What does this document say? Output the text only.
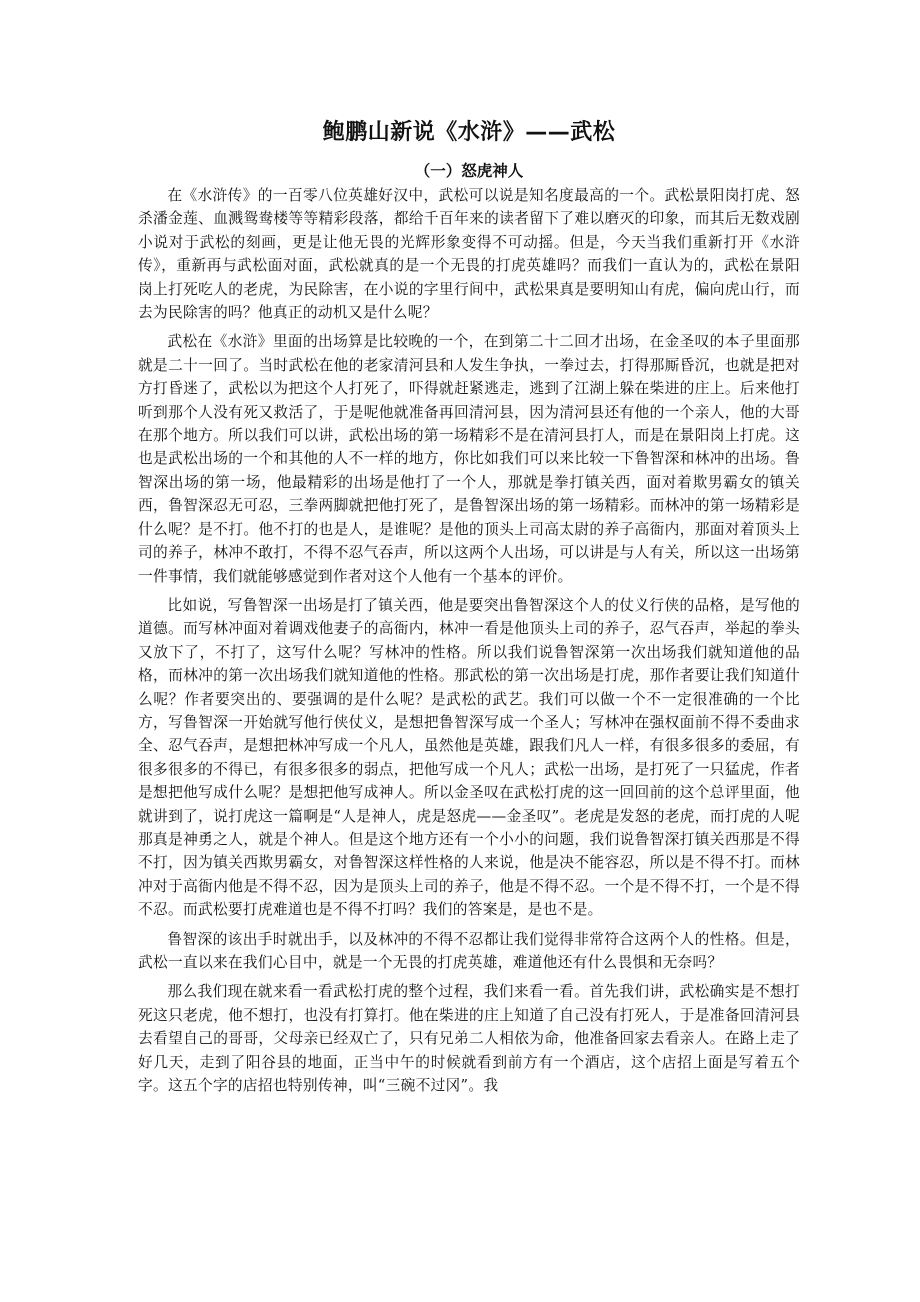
鲍鹏山新说《水浒》——武松
（一）怒虎神人

在《水浒传》的一百零八位英雄好汉中，武松可以说是知名度最高的一个。武松景阳岗打虎、怒杀潘金莲、血溅鸳鸯楼等等精彩段落，都给千百年来的读者留下了难以磨灭的印象，而其后无数戏剧小说对于武松的刻画，更是让他无畏的光辉形象变得不可动摇。但是，今天当我们重新打开《水浒传》，重新再与武松面对面，武松就真的是一个无畏的打虎英雄吗？而我们一直认为的，武松在景阳岗上打死吃人的老虎，为民除害，在小说的字里行间中，武松果真是要明知山有虎，偏向虎山行，而去为民除害的吗？他真正的动机又是什么呢？

武松在《水浒》里面的出场算是比较晚的一个，在到第二十二回才出场，在金圣叹的本子里面那就是二十一回了。当时武松在他的老家清河县和人发生争执，一拳过去，打得那厮昏沉，也就是把对方打昏迷了，武松以为把这个人打死了，吓得就赶紧逃走，逃到了江湖上躲在柴进的庄上。后来他打听到那个人没有死又救活了，于是呢他就准备再回清河县，因为清河县还有他的一个亲人，他的大哥在那个地方。所以我们可以讲，武松出场的第一场精彩不是在清河县打人，而是在景阳岗上打虎。这也是武松出场的一个和其他的人不一样的地方，你比如我们可以来比较一下鲁智深和林冲的出场。鲁智深出场的第一场，他最精彩的出场是他打了一个人，那就是拳打镇关西，面对着欺男霸女的镇关西，鲁智深忍无可忍，三拳两脚就把他打死了，是鲁智深出场的第一场精彩。而林冲的第一场精彩是什么呢？是不打。他不打的也是人，是谁呢？是他的顶头上司高太尉的养子高衙内，那面对着顶头上司的养子，林冲不敢打，不得不忍气吞声，所以这两个人出场，可以讲是与人有关，所以这一出场第一件事情，我们就能够感觉到作者对这个人他有一个基本的评价。

比如说，写鲁智深一出场是打了镇关西，他是要突出鲁智深这个人的仗义行侠的品格，是写他的道德。而写林冲面对着调戏他妻子的高衙内，林冲一看是他顶头上司的养子，忍气吞声，举起的拳头又放下了，不打了，这写什么呢？写林冲的性格。所以我们说鲁智深第一次出场我们就知道他的品格，而林冲的第一次出场我们就知道他的性格。那武松的第一次出场是打虎，那作者要让我们知道什么呢？作者要突出的、要强调的是什么呢？是武松的武艺。我们可以做一个不一定很准确的一个比方，写鲁智深一开始就写他行侠仗义，是想把鲁智深写成一个圣人；写林冲在强权面前不得不委曲求全、忍气吞声，是想把林冲写成一个凡人，虽然他是英雄，跟我们凡人一样，有很多很多的委屈，有很多很多的不得已，有很多很多的弱点，把他写成一个凡人；武松一出场，是打死了一只猛虎，作者是想把他写成什么呢？是想把他写成神人。所以金圣叹在武松打虎的这一回回前的这个总评里面，他就讲到了，说打虎这一篇啊是“人是神人，虎是怒虎——金圣叹”。老虎是发怒的老虎，而打虎的人呢那真是神勇之人，就是个神人。但是这个地方还有一个小小的问题，我们说鲁智深打镇关西那是不得不打，因为镇关西欺男霸女，对鲁智深这样性格的人来说，他是决不能容忍，所以是不得不打。而林冲对于高衙内他是不得不忍，因为是顶头上司的养子，他是不得不忍。一个是不得不打，一个是不得不忍。而武松要打虎难道也是不得不打吗？我们的答案是，是也不是。

鲁智深的该出手时就出手，以及林冲的不得不忍都让我们觉得非常符合这两个人的性格。但是，武松一直以来在我们心目中，就是一个无畏的打虎英雄，难道他还有什么畏惧和无奈吗？

那么我们现在就来看一看武松打虎的整个过程，我们来看一看。首先我们讲，武松确实是不想打死这只老虎，他不想打，也没有打算打。他在柴进的庄上知道了自己没有打死人，于是准备回清河县去看望自己的哥哥，父母亲已经双亡了，只有兄弟二人相依为命，他准备回家去看亲人。在路上走了好几天，走到了阳谷县的地面，正当中午的时候就看到前方有一个酒店，这个店招上面是写着五个字。这五个字的店招也特别传神，叫“三碗不过冈”。我
